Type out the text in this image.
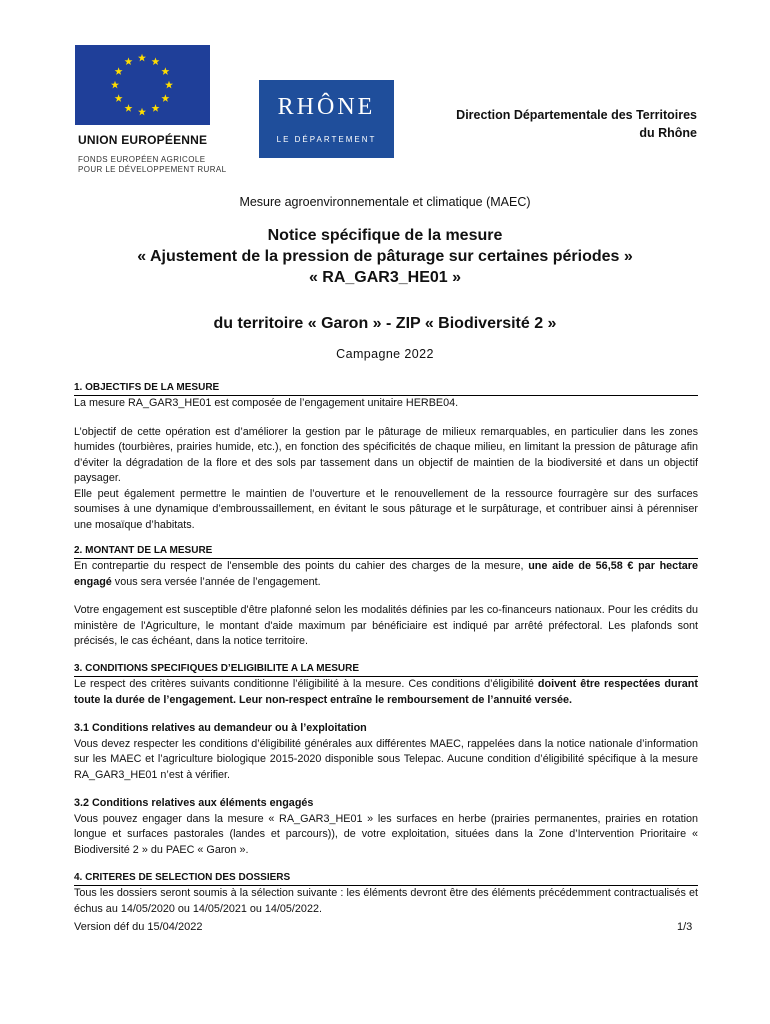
UNION EUROPÉENNE
FONDS EUROPÉEN AGRICOLE
POUR LE DÉVELOPPEMENT RURAL
RHÔNE
LE DÉPARTEMENT
Direction Départementale des Territoires
du Rhône
Mesure agroenvironnementale et climatique (MAEC)
Notice spécifique de la mesure
« Ajustement de la pression de pâturage sur certaines périodes »
« RA_GAR3_HE01 »
du territoire « Garon » - ZIP « Biodiversité 2 »
Campagne 2022
1. OBJECTIFS DE LA MESURE
La mesure RA_GAR3_HE01 est composée de l’engagement unitaire HERBE04.
L’objectif de cette opération est d’améliorer la gestion par le pâturage de milieux remarquables, en particulier dans les zones humides (tourbières, prairies humide, etc.), en fonction des spécificités de chaque milieu, en limitant la pression de pâturage afin d’éviter la dégradation de la flore et des sols par tassement dans un objectif de maintien de la biodiversité et dans un objectif paysager.
Elle peut également permettre le maintien de l’ouverture et le renouvellement de la ressource fourragère sur des surfaces soumises à une dynamique d’embroussaillement, en évitant le sous pâturage et le surpâturage, et contribuer ainsi à pérenniser une mosaïque d’habitats.
2. MONTANT DE LA MESURE
En contrepartie du respect de l'ensemble des points du cahier des charges de la mesure, une aide de 56,58 € par hectare engagé vous sera versée l’année de l’engagement.
Votre engagement est susceptible d'être plafonné selon les modalités définies par les co-financeurs nationaux. Pour les crédits du ministère de l'Agriculture, le montant d'aide maximum par bénéficiaire est indiqué par arrêté préfectoral. Les plafonds sont précisés, le cas échéant, dans la notice territoire.
3. CONDITIONS SPECIFIQUES D’ELIGIBILITE A LA MESURE
Le respect des critères suivants conditionne l’éligibilité à la mesure. Ces conditions d’éligibilité doivent être respectées durant toute la durée de l’engagement. Leur non-respect entraîne le remboursement de l’annuité versée.
3.1 Conditions relatives au demandeur ou à l’exploitation
Vous devez respecter les conditions d’éligibilité générales aux différentes MAEC, rappelées dans la notice nationale d’information sur les MAEC et l’agriculture biologique 2015-2020 disponible sous Telepac. Aucune condition d’éligibilité spécifique à la mesure RA_GAR3_HE01 n’est à vérifier.
3.2 Conditions relatives aux éléments engagés
Vous pouvez engager dans la mesure « RA_GAR3_HE01 » les surfaces en herbe (prairies permanentes, prairies en rotation longue et surfaces pastorales (landes et parcours)), de votre exploitation, situées dans la Zone d’Intervention Prioritaire « Biodiversité 2 » du PAEC « Garon ».
4. CRITERES DE SELECTION DES DOSSIERS
Tous les dossiers seront soumis à la sélection suivante : les éléments devront être des éléments précédemment contractualisés et échus au 14/05/2020 ou 14/05/2021 ou 14/05/2022.
Version déf du 15/04/2022	1/3
